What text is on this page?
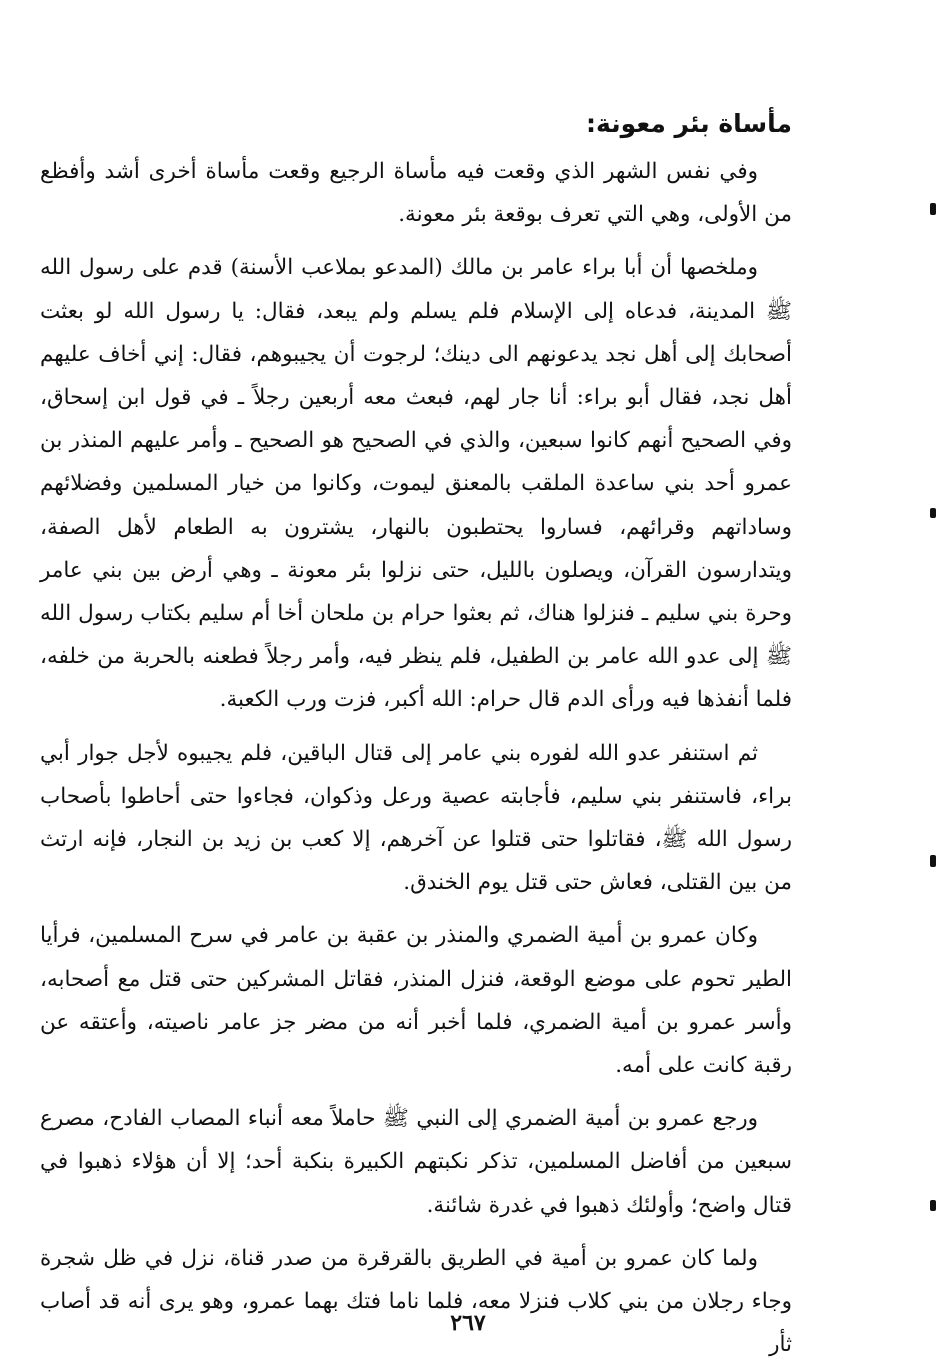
مأساة بئر معونة:

وفي نفس الشهر الذي وقعت فيه مأساة الرجيع وقعت مأساة أخرى أشد وأفظع من الأولى، وهي التي تعرف بوقعة بئر معونة.

وملخصها أن أبا براء عامر بن مالك (المدعو بملاعب الأسنة) قدم على رسول الله ﷺ المدينة، فدعاه إلى الإسلام فلم يسلم ولم يبعد، فقال: يا رسول الله لو بعثت أصحابك إلى أهل نجد يدعونهم الى دينك؛ لرجوت أن يجيبوهم، فقال: إني أخاف عليهم أهل نجد، فقال أبو براء: أنا جار لهم، فبعث معه أربعين رجلاً ـ في قول ابن إسحاق، وفي الصحيح أنهم كانوا سبعين، والذي في الصحيح هو الصحيح ـ وأمر عليهم المنذر بن عمرو أحد بني ساعدة الملقب بالمعنق ليموت، وكانوا من خيار المسلمين وفضلائهم وساداتهم وقرائهم، فساروا يحتطبون بالنهار، يشترون به الطعام لأهل الصفة، ويتدارسون القرآن، ويصلون بالليل، حتى نزلوا بئر معونة ـ وهي أرض بين بني عامر وحرة بني سليم ـ فنزلوا هناك، ثم بعثوا حرام بن ملحان أخا أم سليم بكتاب رسول الله ﷺ إلى عدو الله عامر بن الطفيل، فلم ينظر فيه، وأمر رجلاً فطعنه بالحربة من خلفه، فلما أنفذها فيه ورأى الدم قال حرام: الله أكبر، فزت ورب الكعبة.

ثم استنفر عدو الله لفوره بني عامر إلى قتال الباقين، فلم يجيبوه لأجل جوار أبي براء، فاستنفر بني سليم، فأجابته عصية ورعل وذكوان، فجاءوا حتى أحاطوا بأصحاب رسول الله ﷺ، فقاتلوا حتى قتلوا عن آخرهم، إلا كعب بن زيد بن النجار، فإنه ارتث من بين القتلى، فعاش حتى قتل يوم الخندق.

وكان عمرو بن أمية الضمري والمنذر بن عقبة بن عامر في سرح المسلمين، فرأيا الطير تحوم على موضع الوقعة، فنزل المنذر، فقاتل المشركين حتى قتل مع أصحابه، وأسر عمرو بن أمية الضمري، فلما أخبر أنه من مضر جز عامر ناصيته، وأعتقه عن رقبة كانت على أمه.

ورجع عمرو بن أمية الضمري إلى النبي ﷺ حاملاً معه أنباء المصاب الفادح، مصرع سبعين من أفاضل المسلمين، تذكر نكبتهم الكبيرة بنكبة أحد؛ إلا أن هؤلاء ذهبوا في قتال واضح؛ وأولئك ذهبوا في غدرة شائنة.

ولما كان عمرو بن أمية في الطريق بالقرقرة من صدر قناة، نزل في ظل شجرة وجاء رجلان من بني كلاب فنزلا معه، فلما ناما فتك بهما عمرو، وهو يرى أنه قد أصاب ثأر

٢٦٧
